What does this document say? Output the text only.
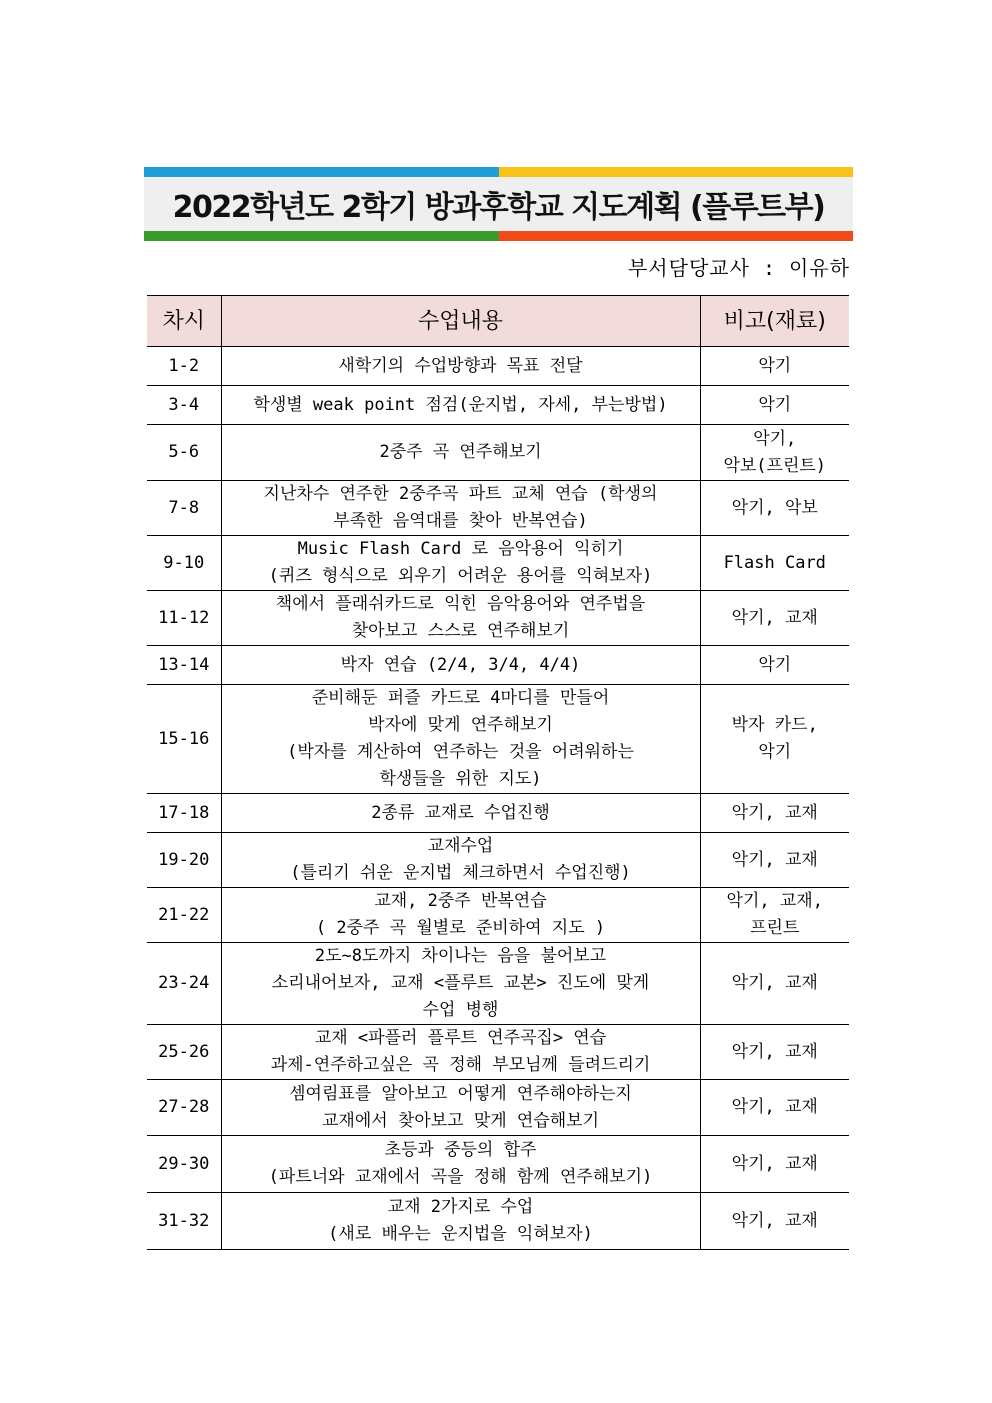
2022학년도 2학기 방과후학교 지도계획 (플루트부)
부서담당교사 : 이유하
차시	수업내용	비고(재료)
1-2	새학기의 수업방향과 목표 전달	악기
3-4	학생별 weak point 점검(운지법, 자세, 부는방법)	악기
5-6	2중주 곡 연주해보기	악기,
악보(프린트)
7-8	지난차수 연주한 2중주곡 파트 교체 연습 (학생의
부족한 음역대를 찾아 반복연습)	악기, 악보
9-10	Music Flash Card 로 음악용어 익히기
(퀴즈 형식으로 외우기 어려운 용어를 익혀보자)	Flash Card
11-12	책에서 플래쉬카드로 익힌 음악용어와 연주법을
찾아보고 스스로 연주해보기	악기, 교재
13-14	박자 연습 (2/4, 3/4, 4/4)	악기
15-16	준비해둔 퍼즐 카드로 4마디를 만들어
박자에 맞게 연주해보기
(박자를 계산하여 연주하는 것을 어려워하는
학생들을 위한 지도)	박자 카드,
악기
17-18	2종류 교재로 수업진행	악기, 교재
19-20	교재수업
(틀리기 쉬운 운지법 체크하면서 수업진행)	악기, 교재
21-22	교재, 2중주 반복연습
( 2중주 곡 월별로 준비하여 지도 )	악기, 교재,
프린트
23-24	2도~8도까지 차이나는 음을 불어보고
소리내어보자, 교재 <플루트 교본> 진도에 맞게
수업 병행	악기, 교재
25-26	교재 <파플러 플루트 연주곡집> 연습
과제-연주하고싶은 곡 정해 부모님께 들려드리기	악기, 교재
27-28	셈여림표를 알아보고 어떻게 연주해야하는지
교재에서 찾아보고 맞게 연습해보기	악기, 교재
29-30	초등과 중등의 합주
(파트너와 교재에서 곡을 정해 함께 연주해보기)	악기, 교재
31-32	교재 2가지로 수업
(새로 배우는 운지법을 익혀보자)	악기, 교재
